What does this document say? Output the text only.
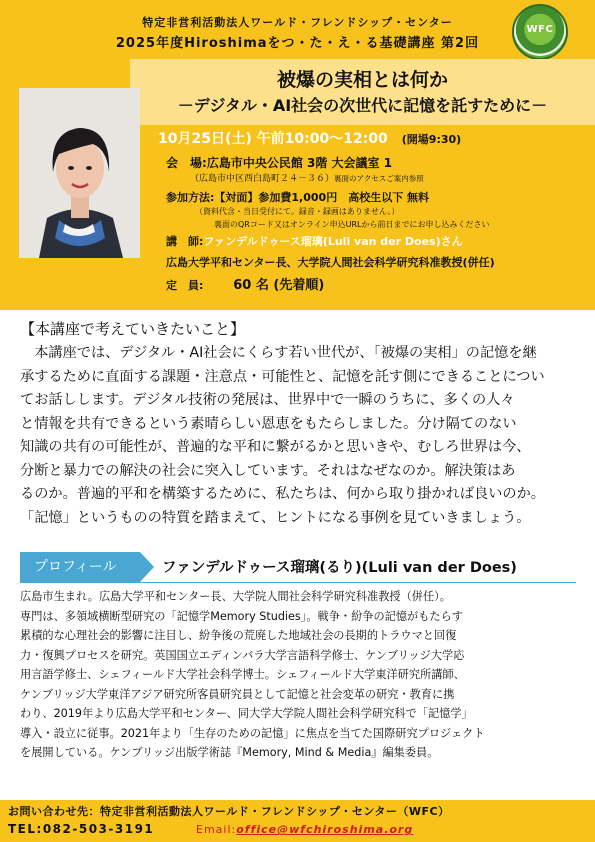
特定非営利活動法人ワールド・フレンドシップ・センター
2025年度Hiroshimaをつ・た・え・る基礎講座 第2回
WFC
被爆の実相とは何か
－デジタル・AI社会の次世代に記憶を託すために－
10月25日(土) 午前10:00～12:00 (開場9:30)
会　場:広島市中央公民館 3階 大会議室 1
（広島市中区西白島町２４－３６）裏面のアクセスご案内参照
参加方法:【対面】参加費1,000円　高校生以下 無料
（資料代含・当日受付にて。録音・録画はありません。）
裏面のQRコード又はオンライン申込URLから前日までにお申し込みください
講　師:ファンデルドゥース瑠璃(Luli van der Does)さん
広島大学平和センター長、大学院人間社会科学研究科准教授(併任)
定　員: 60 名 (先着順)
【本講座で考えていきたいこと】
　本講座では、デジタル・AI社会にくらす若い世代が、「被爆の実相」の記憶を継
承するために直面する課題・注意点・可能性と、記憶を託す側にできることについ
てお話しします。デジタル技術の発展は、世界中で一瞬のうちに、多くの人々
と情報を共有できるという素晴らしい恩恵をもたらしました。分け隔てのない
知識の共有の可能性が、普遍的な平和に繋がるかと思いきや、むしろ世界は今、
分断と暴力での解決の社会に突入しています。それはなぜなのか。解決策はあ
るのか。普遍的平和を構築するために、私たちは、何から取り掛かれば良いのか。
「記憶」というものの特質を踏まえて、ヒントになる事例を見ていきましょう。
プロフィール	ファンデルドゥース瑠璃(るり)(Luli van der Does)
広島市生まれ。広島大学平和センター長、大学院人間社会科学研究科准教授（併任）。
専門は、多領域横断型研究の「記憶学Memory Studies」。戦争・紛争の記憶がもたらす
累積的な心理社会的影響に注目し、紛争後の荒廃した地域社会の長期的トラウマと回復
力・復興プロセスを研究。英国国立エディンバラ大学言語科学修士、ケンブリッジ大学応
用言語学修士、シェフィールド大学社会科学博士。シェフィールド大学東洋研究所講師、
ケンブリッジ大学東洋アジア研究所客員研究員として記憶と社会変革の研究・教育に携
わり、2019年より広島大学平和センター、同大学大学院人間社会科学研究科で「記憶学」
導入・設立に従事。2021年より「生存のための記憶」に焦点を当てた国際研究プロジェクト
を展開している。ケンブリッジ出版学術誌『Memory, Mind & Media』編集委員。
お問い合わせ先：特定非営利活動法人ワールド・フレンドシップ・センター（WFC）
TEL:082-503-3191	Email:office@wfchiroshima.org
